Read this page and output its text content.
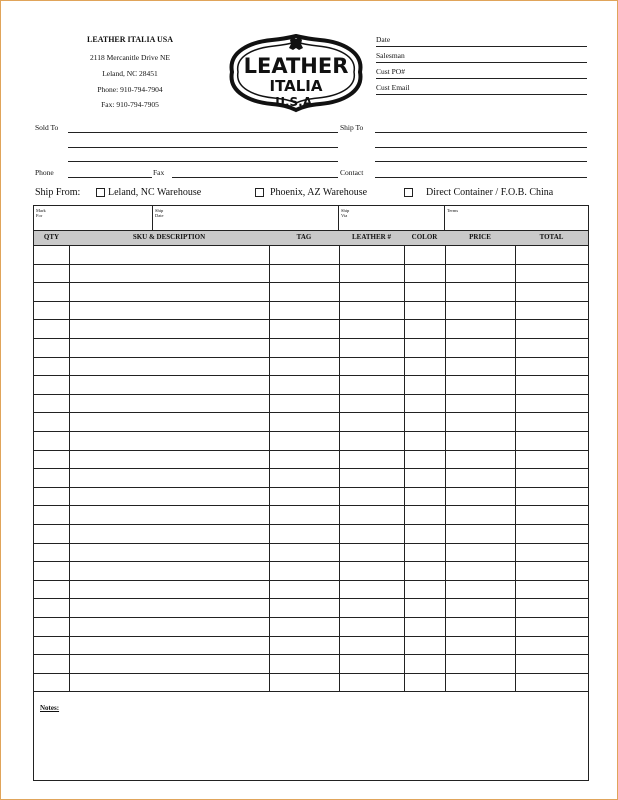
LEATHER ITALIA USA
2118 Mercanitle Drive NE
Leland, NC 28451
Phone: 910-794-7904
Fax: 910-794-7905
LEATHER
ITALIA
U.S.A.
Date
Salesman
Cust PO#
Cust Email
Sold To	Ship To
Phone	Fax	Contact
Ship From:	Leland, NC Warehouse	Phoenix, AZ Warehouse	Direct Container / F.O.B. China
Mark For
Ship Date
Ship Via
Terms
QTY	SKU & DESCRIPTION	TAG	LEATHER #	COLOR	PRICE	TOTAL
Notes:
